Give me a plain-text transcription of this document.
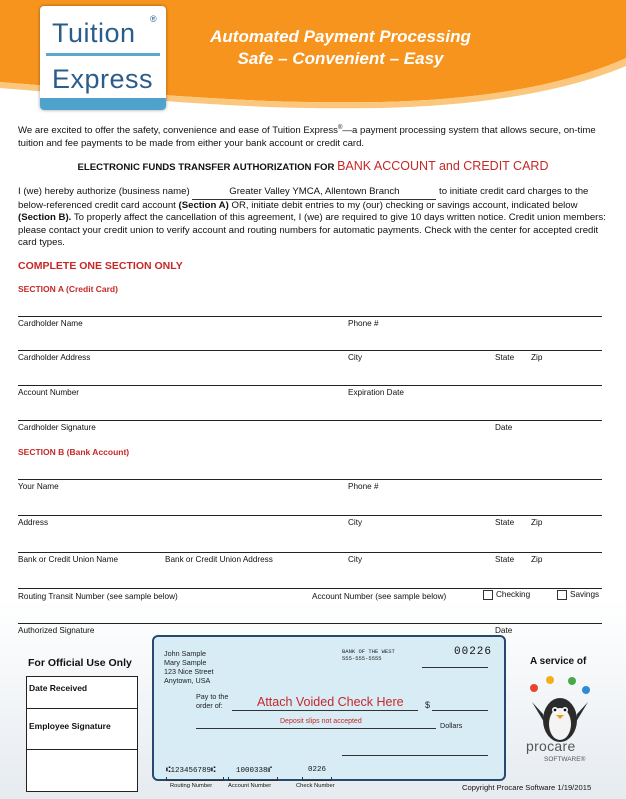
Tuition ®
Express
Automated Payment Processing
Safe – Convenient – Easy
We are excited to offer the safety, convenience and ease of Tuition Express®—a payment processing system that allows secure, on-time tuition and fee payments to be made from either your bank account or credit card.
ELECTRONIC FUNDS TRANSFER AUTHORIZATION FOR BANK ACCOUNT and CREDIT CARD
I (we) hereby authorize (business name)	Greater Valley YMCA, Allentown Branch	to initiate credit card charges to the below-referenced credit card account (Section A) OR, initiate debit entries to my (our) checking or savings account, indicated below (Section B). To properly affect the cancellation of this agreement, I (we) are required to give 10 days written notice. Credit union members: please contact your credit union to verify account and routing numbers for automatic payments. Check with the center for accepted credit card types.
COMPLETE ONE SECTION ONLY
SECTION A (Credit Card)
Cardholder Name	Phone #
Cardholder Address	City	State Zip
Account Number	Expiration Date
Cardholder Signature	Date
SECTION B (Bank Account)
Your Name	Phone #
Address	City	State Zip
Bank or Credit Union Name	Bank or Credit Union Address	City	State Zip
Routing Transit Number (see sample below)	Account Number (see sample below)	Checking	Savings
Authorized Signature	Date
For Official Use Only
Date Received
Employee Signature
John Sample
Mary Sample
123 Nice Street
Anytown, USA
BANK OF THE WEST
555-555-5555
00226
Pay to the
order of:	Attach Voided Check Here $
Deposit slips not accepted	Dollars
⑆123456789⑆	1000338⑈	0226
Routing Number	Account Number	Check Number
A service of
procare
SOFTWARE®
Copyright Procare Software 1/19/2015
